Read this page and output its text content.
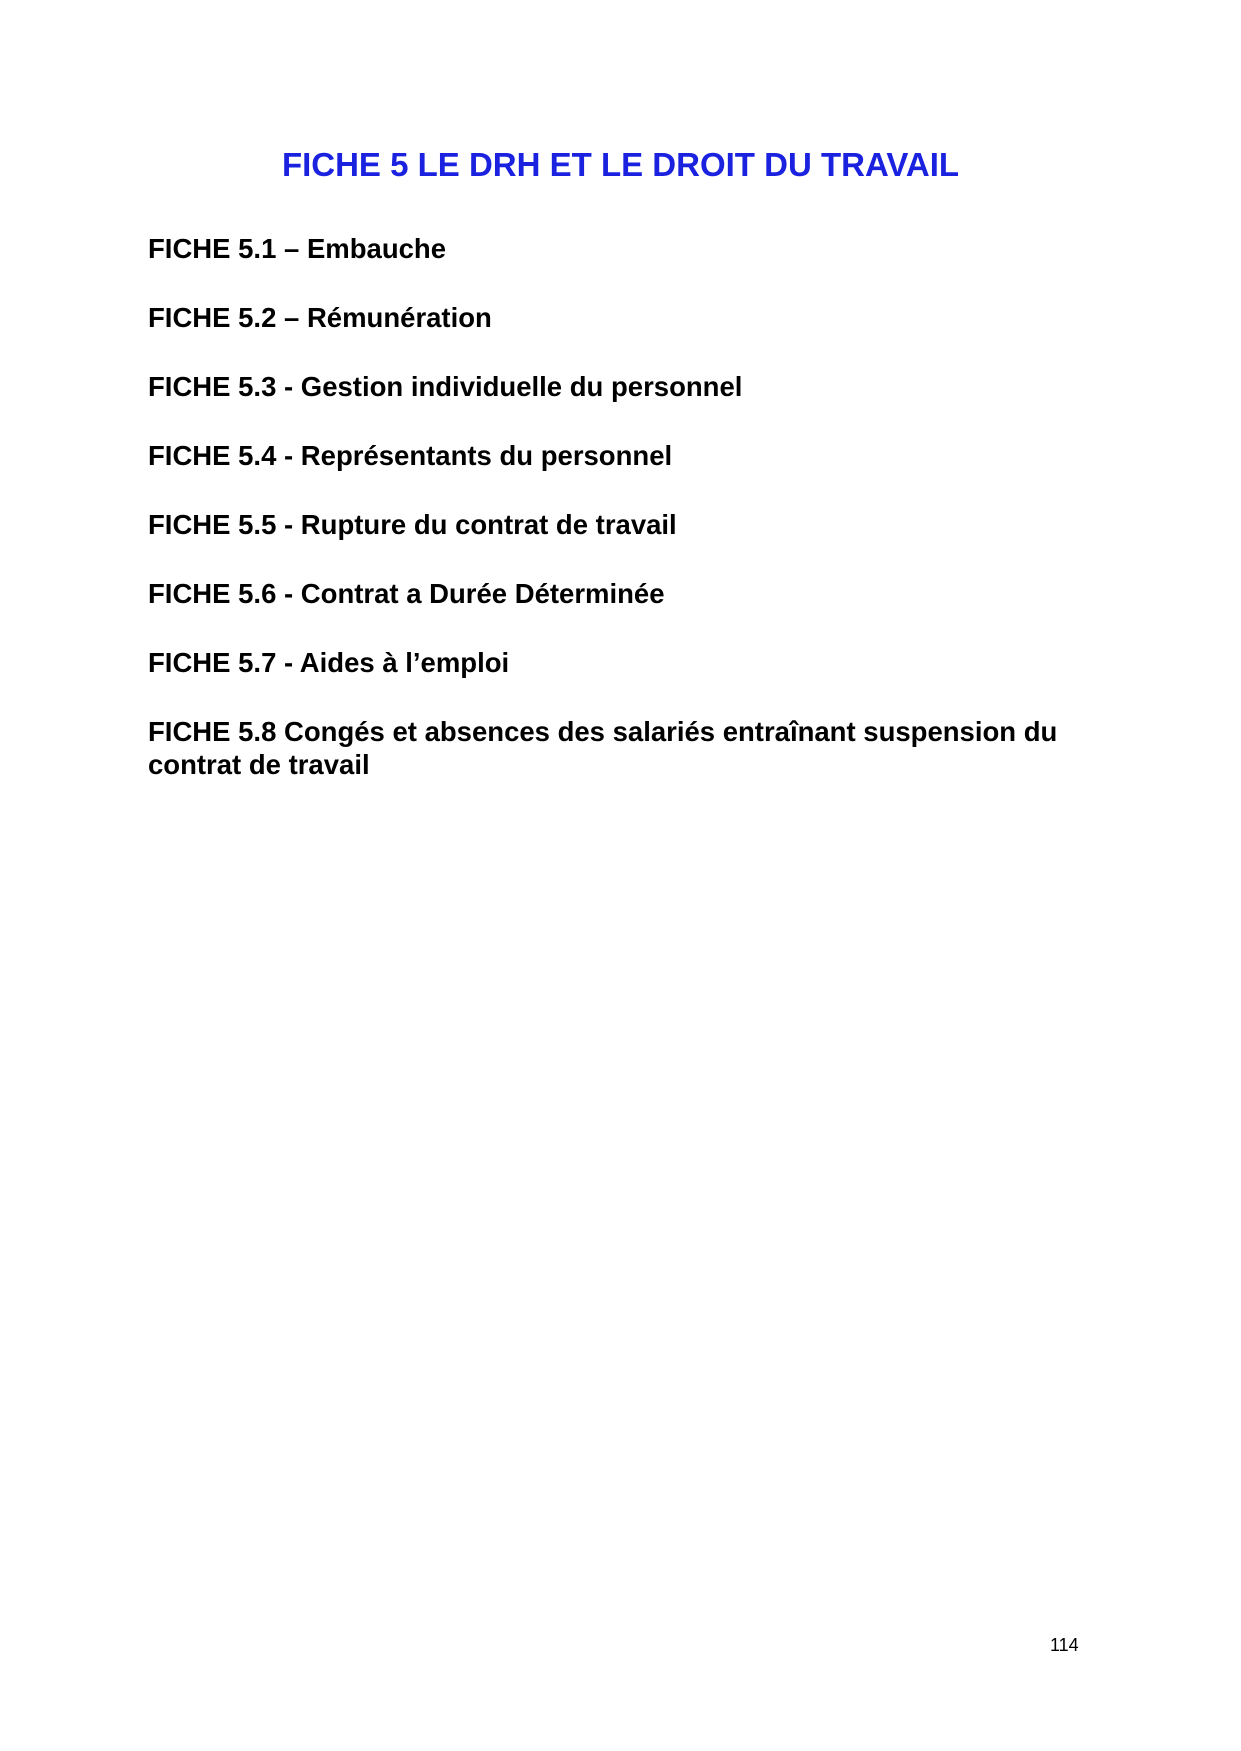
FICHE 5 LE DRH ET LE DROIT DU TRAVAIL
FICHE 5.1 – Embauche
FICHE 5.2 – Rémunération
FICHE 5.3 - Gestion individuelle du personnel
FICHE 5.4 - Représentants du personnel
FICHE 5.5 - Rupture du contrat de travail
FICHE 5.6 - Contrat a Durée Déterminée
FICHE 5.7 - Aides à l’emploi
FICHE 5.8 Congés et absences des salariés entraînant suspension du contrat de travail
114
